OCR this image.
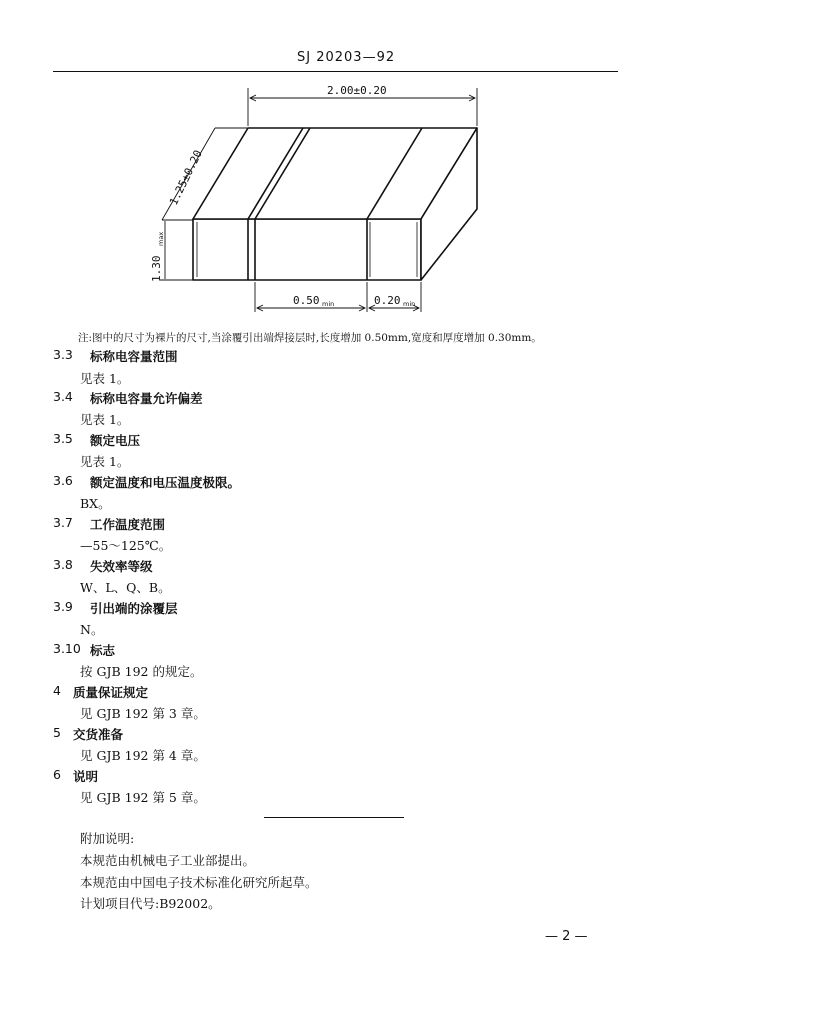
SJ 20203—92
2.00±0.20
1.25±0.20
1.30
max
0.50 min	0.20 min
注:图中的尺寸为裸片的尺寸,当涂覆引出端焊接层时,长度增加 0.50mm,宽度和厚度增加 0.30mm。
3.3 标称电容量范围
见表 1。
3.4 标称电容量允许偏差
见表 1。
3.5 额定电压
见表 1。
3.6 额定温度和电压温度极限。
BX。
3.7 工作温度范围
—55～125℃。
3.8 失效率等级
W、L、Q、B。
3.9 引出端的涂覆层
N。
3.10 标志
按 GJB 192 的规定。
4 质量保证规定
见 GJB 192 第 3 章。
5 交货准备
见 GJB 192 第 4 章。
6 说明
见 GJB 192 第 5 章。
附加说明:
本规范由机械电子工业部提出。
本规范由中国电子技术标准化研究所起草。
计划项目代号:B92002。
— 2 —
